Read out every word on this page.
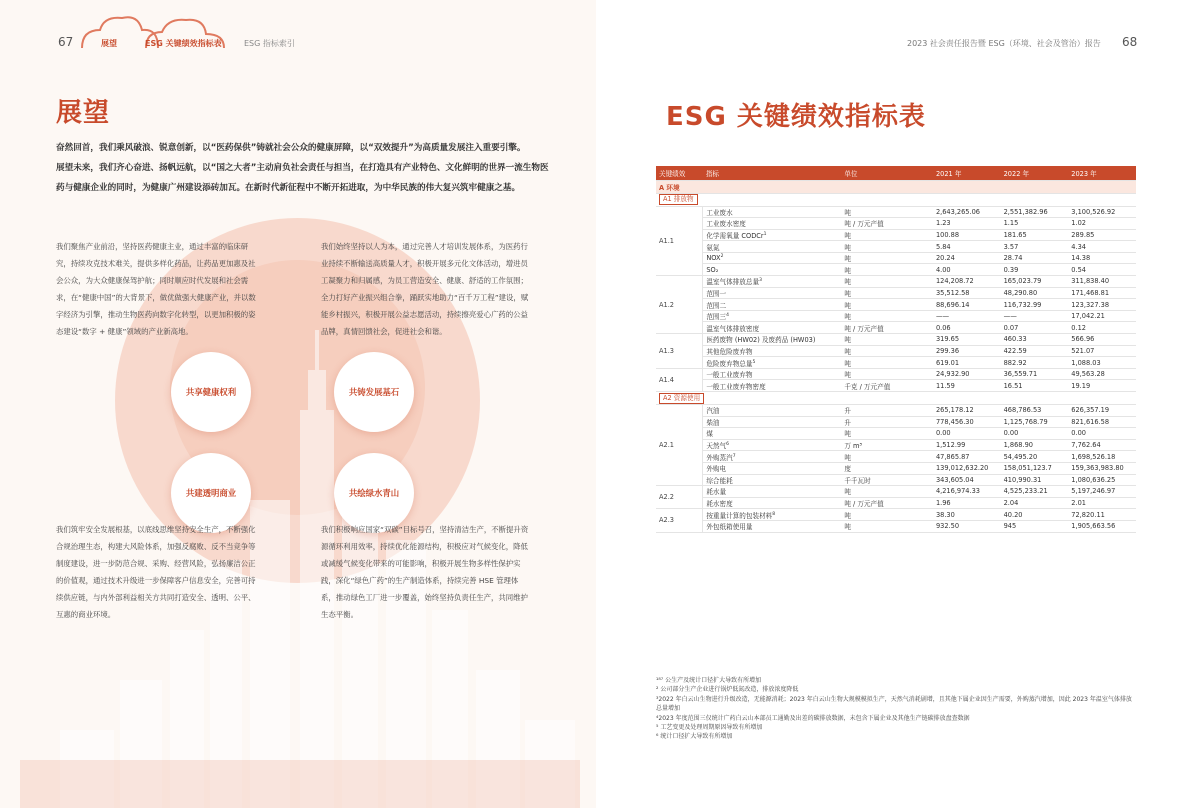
67	展望	ESG 关键绩效指标表	ESG 指标索引
展望

奋然回首，我们乘风破浪、锐意创新，以“医药保供”铸就社会公众的健康屏障，以“双效提升”为高质量发展注入重要引擎。

展望未来，我们齐心奋进、扬帆远航，以“国之大者”主动肩负社会责任与担当，在打造具有产业特色、文化鲜明的世界一流生物医药与健康企业的同时，为健康广州建设添砖加瓦。在新时代新征程中不断开拓进取，为中华民族的伟大复兴筑牢健康之基。

我们聚焦产业前沿，坚持医药健康主业，通过丰富的临床研究，持续攻克技术难关，提供多样化药品，让药品更加惠及社会公众，为大众健康保驾护航；同时顺应时代发展和社会需求，在“健康中国”的大背景下，做优做强大健康产业，并以数字经济为引擎，推动生物医药向数字化转型，以更加积极的姿态建设“数字 + 健康”领域的产业新高地。
我们始终坚持以人为本，通过完善人才培训发展体系，为医药行业持续不断输送高质量人才，积极开展多元化文体活动，增进员工凝聚力和归属感，为员工营造安全、健康、舒适的工作氛围；全力打好产业振兴组合拳，踊跃实地助力“百千万工程”建设，赋能乡村振兴，积极开展公益志愿活动，持续擦亮爱心广药的公益品牌，真情回馈社会，促进社会和谐。
共享健康权利	共铸发展基石
共建透明商业	共绘绿水青山
我们筑牢安全发展根基，以底线思维坚持安全生产，不断强化合规治理生态，构建大风险体系，加强反腐败、反不当竞争等制度建设，进一步防范合规、采购、经营风险，弘扬廉洁公正的价值观，通过技术升级进一步保障客户信息安全，完善可持续供应链，与内外部利益相关方共同打造安全、透明、公平、互惠的商业环境。
我们积极响应国家“双碳”目标号召，坚持清洁生产，不断提升资源循环利用效率，持续优化能源结构，积极应对气候变化，降低或减缓气候变化带来的可能影响，积极开展生物多样性保护实践，深化“绿色广药”的生产制造体系，持续完善 HSE 管理体系，推动绿色工厂进一步覆盖，始终坚持负责任生产，共同维护生态平衡。
2023 社会责任报告暨 ESG（环境、社会及管治）报告 68
ESG 关键绩效指标表
关键绩效	指标	单位	2021 年	2022 年	2023 年
A 环境					
A1 排放物					
A1.1	工业废水	吨	2,643,265.06	2,551,382.96	3,100,526.92
	工业废水密度	吨 / 万元产值	1.23	1.15	1.02
	化学需氧量 CODCr$^1$	吨	100.88	181.65	289.85
	氨氮	吨	5.84	3.57	4.34
	NOX$^2$	吨	20.24	28.74	14.38
	SO₂	吨	4.00	0.39	0.54
A1.2	温室气体排放总量$^3$	吨	124,208.72	165,023.79	311,838.40
	范围一	吨	35,512.58	48,290.80	171,468.81
	范围二	吨	88,696.14	116,732.99	123,327.38
	范围三$^4$	吨	——	——	17,042.21
	温室气体排放密度	吨 / 万元产值	0.06	0.07	0.12
A1.3	医药废物 (HW02) 及废药品 (HW03)	吨	319.65	460.33	566.96
	其他危险废弃物	吨	299.36	422.59	521.07
	危险废弃物总量$^5$	吨	619.01	882.92	1,088.03
A1.4	一般工业废弃物	吨	24,932.90	36,559.71	49,563.28
	一般工业废弃物密度	千克 / 万元产值	11.59	16.51	19.19
A2 资源使用					
A2.1	汽油	升	265,178.12	468,786.53	626,357.19
	柴油	升	778,456.30	1,125,768.79	821,616.58
	煤	吨	0.00	0.00	0.00
	天然气$^6$	万 m³	1,512.99	1,868.90	7,762.64
	外购蒸汽$^7$	吨	47,865.87	54,495.20	1,698,526.18
	外购电	度	139,012,632.20	158,051,123.7	159,363,983.80
	综合能耗	千千瓦时	343,605.04	410,990.31	1,080,636.25
A2.2	耗水量	吨	4,216,974.33	4,525,233.21	5,197,246.97
	耗水密度	吨 / 万元产值	1.96	2.04	2.01
A2.3	按重量计算的包装材料$^8$	吨	38.30	40.20	72,820.11
	外包纸箱使用量	吨	932.50	945	1,905,663.56

¹⁸⁷ 公生产及统计口径扩大导致有所增加

² 公司部分生产企业进行锅炉低氮改造，排放浓度降低

³2022 年白云山生物进行升级改造，无能源消耗；2023 年白云山生物大规模模拟生产，天然气消耗剧增，且其他下属企业因生产需要，外购蒸汽增加，因此 2023 年温室气体排放总量增加

⁴2023 年度范围三仅统计广药白云山本部员工通勤及出差的碳排放数据，未包含下属企业及其他生产链碳排放盘查数据

⁵ 工艺变更及处理周期原因导致有所增加

⁶ 统计口径扩大导致有所增加
